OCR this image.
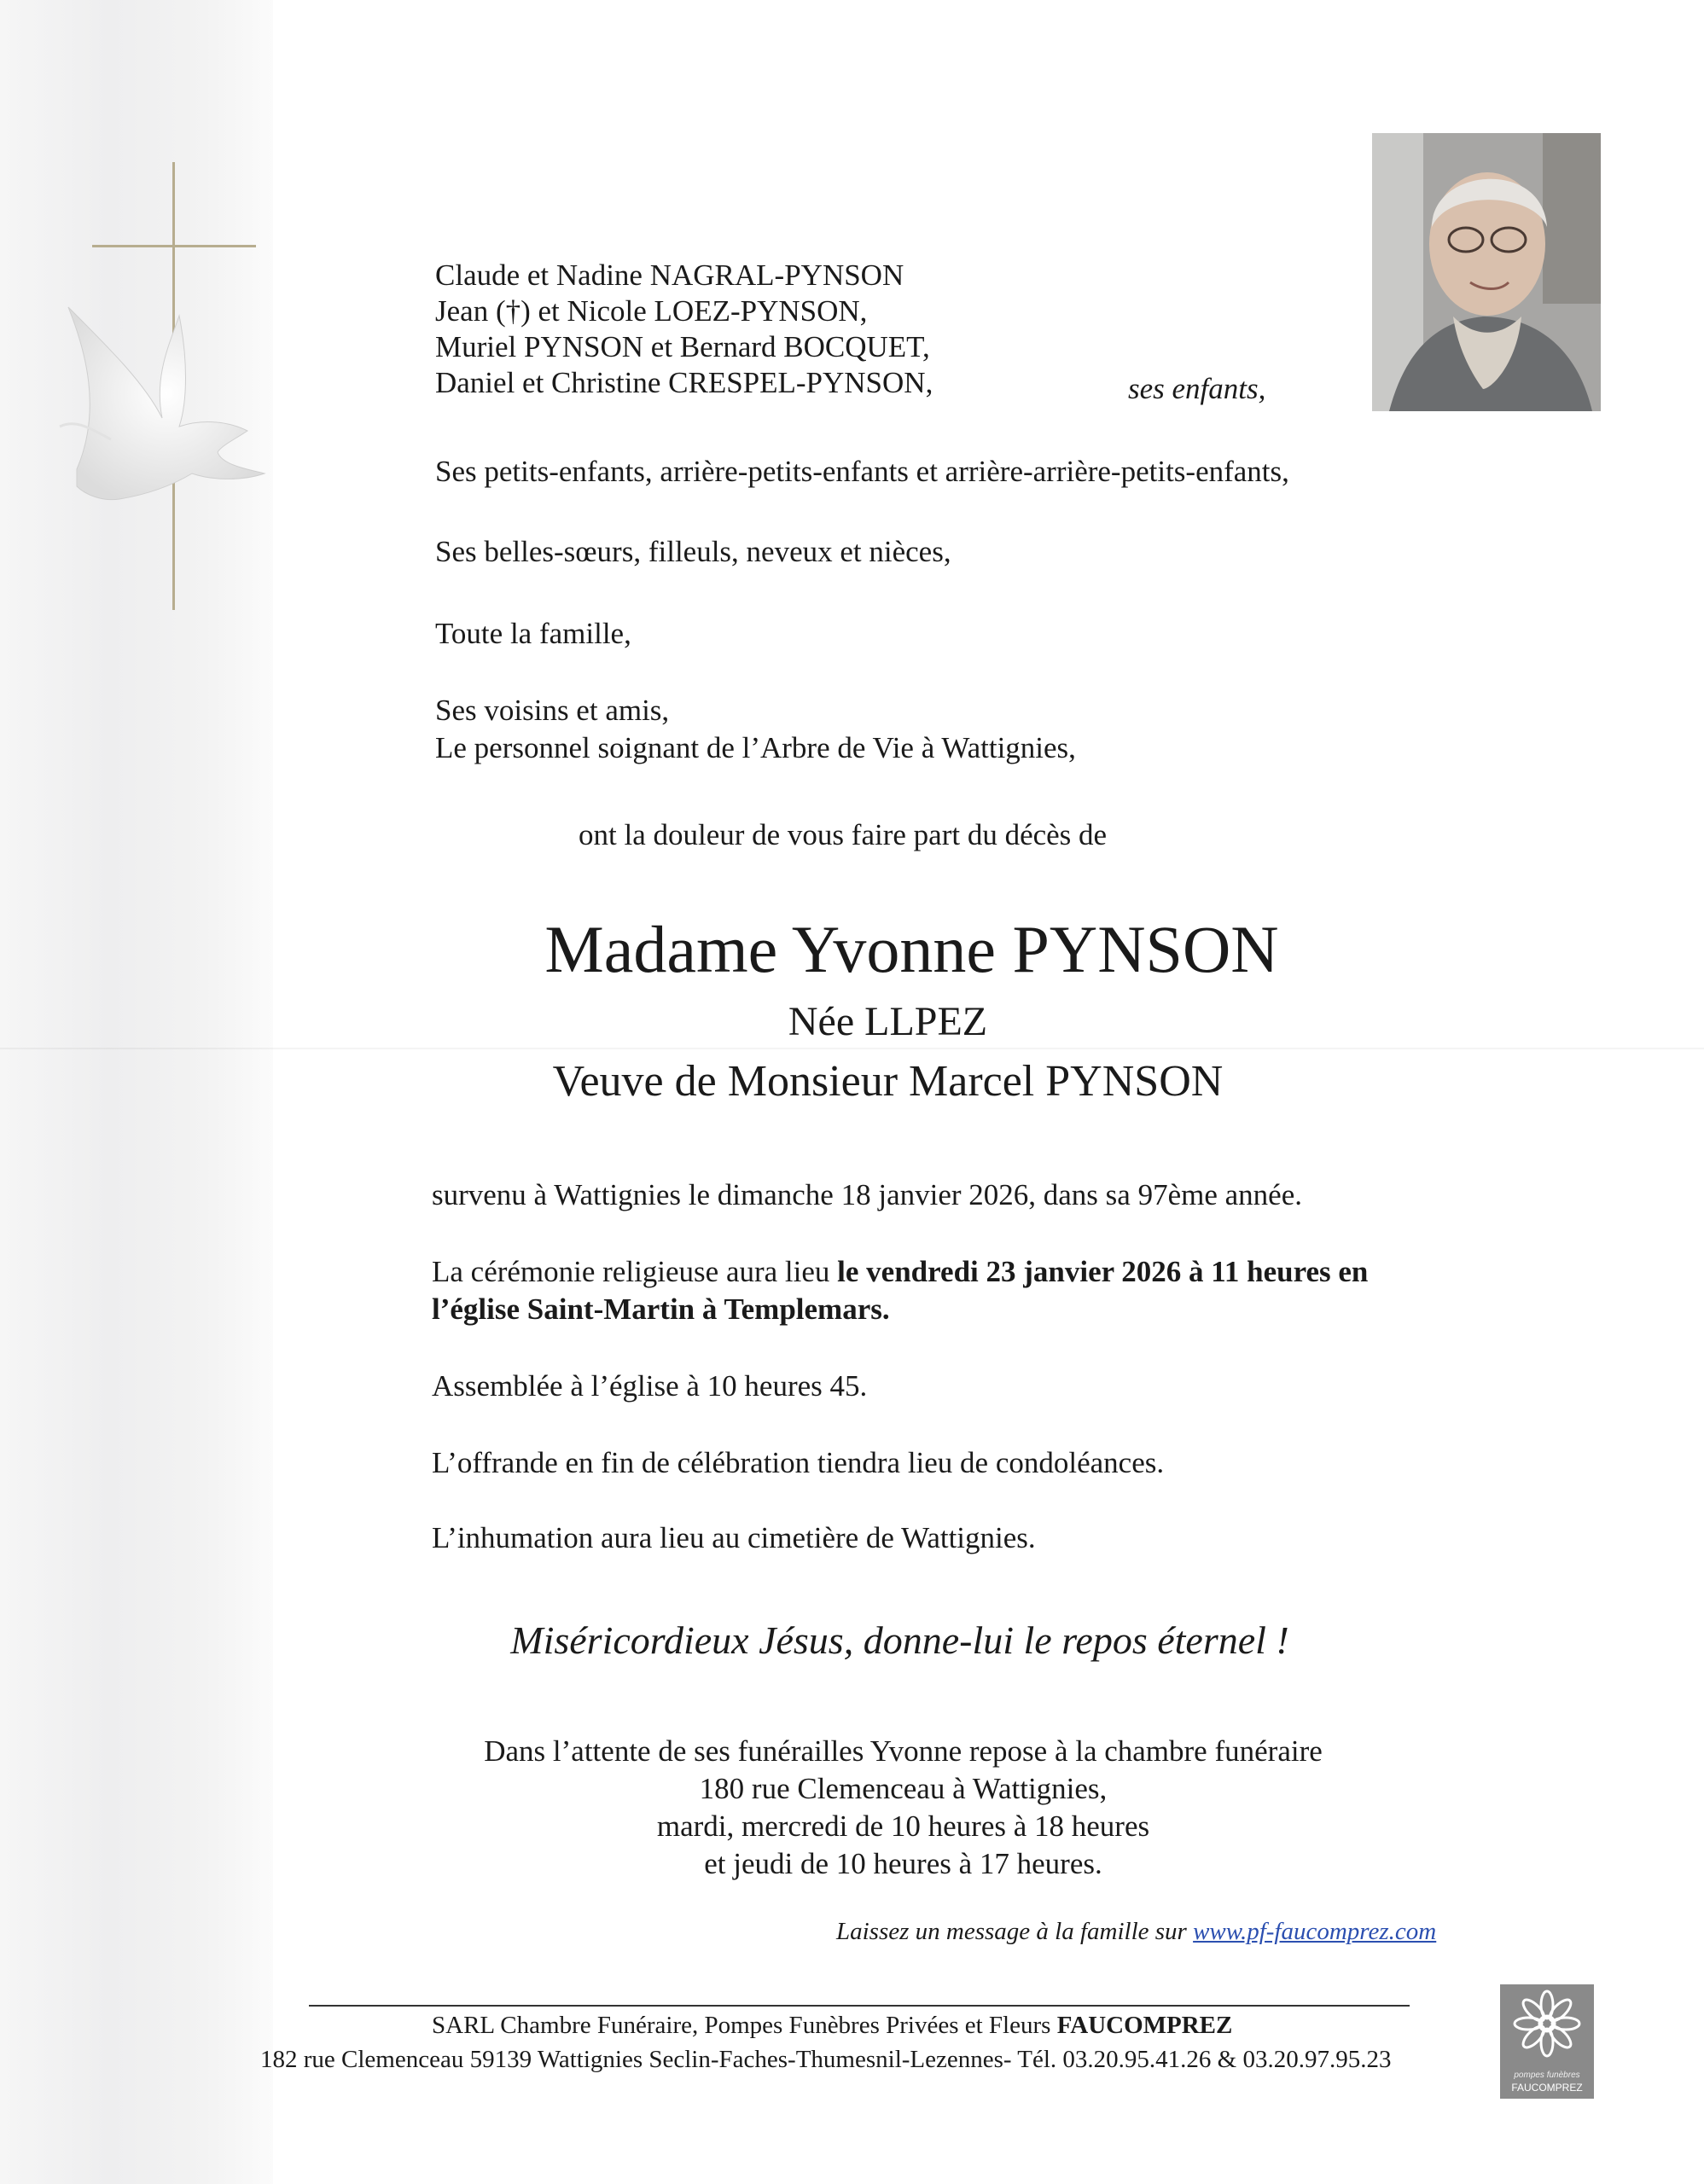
Claude et Nadine NAGRAL-PYNSON
Jean (†) et Nicole LOEZ-PYNSON,
Muriel PYNSON et Bernard BOCQUET,
Daniel et Christine CRESPEL-PYNSON,	ses enfants,
Ses petits-enfants, arrière-petits-enfants et arrière-arrière-petits-enfants,
Ses belles-sœurs, filleuls, neveux et nièces,
Toute la famille,
Ses voisins et amis,
Le personnel soignant de l’Arbre de Vie à Wattignies,
ont la douleur de vous faire part du décès de
Madame Yvonne PYNSON
Née LLPEZ
Veuve de Monsieur Marcel PYNSON
survenu à Wattignies le dimanche 18 janvier 2026, dans sa 97ème année.
La cérémonie religieuse aura lieu le vendredi 23 janvier 2026 à 11 heures en
l’église Saint-Martin à Templemars.
Assemblée à l’église à 10 heures 45.
L’offrande en fin de célébration tiendra lieu de condoléances.
L’inhumation aura lieu au cimetière de Wattignies.
Miséricordieux Jésus, donne-lui le repos éternel !
Dans l’attente de ses funérailles Yvonne repose à la chambre funéraire
180 rue Clemenceau à Wattignies,
mardi, mercredi de 10 heures à 18 heures
et jeudi de 10 heures à 17 heures.
Laissez un message à la famille sur www.pf-faucomprez.com
SARL Chambre Funéraire, Pompes Funèbres Privées et Fleurs FAUCOMPREZ
182 rue Clemenceau 59139 Wattignies Seclin-Faches-Thumesnil-Lezennes- Tél. 03.20.95.41.26 & 03.20.97.95.23
pompes funèbres
FAUCOMPREZ
